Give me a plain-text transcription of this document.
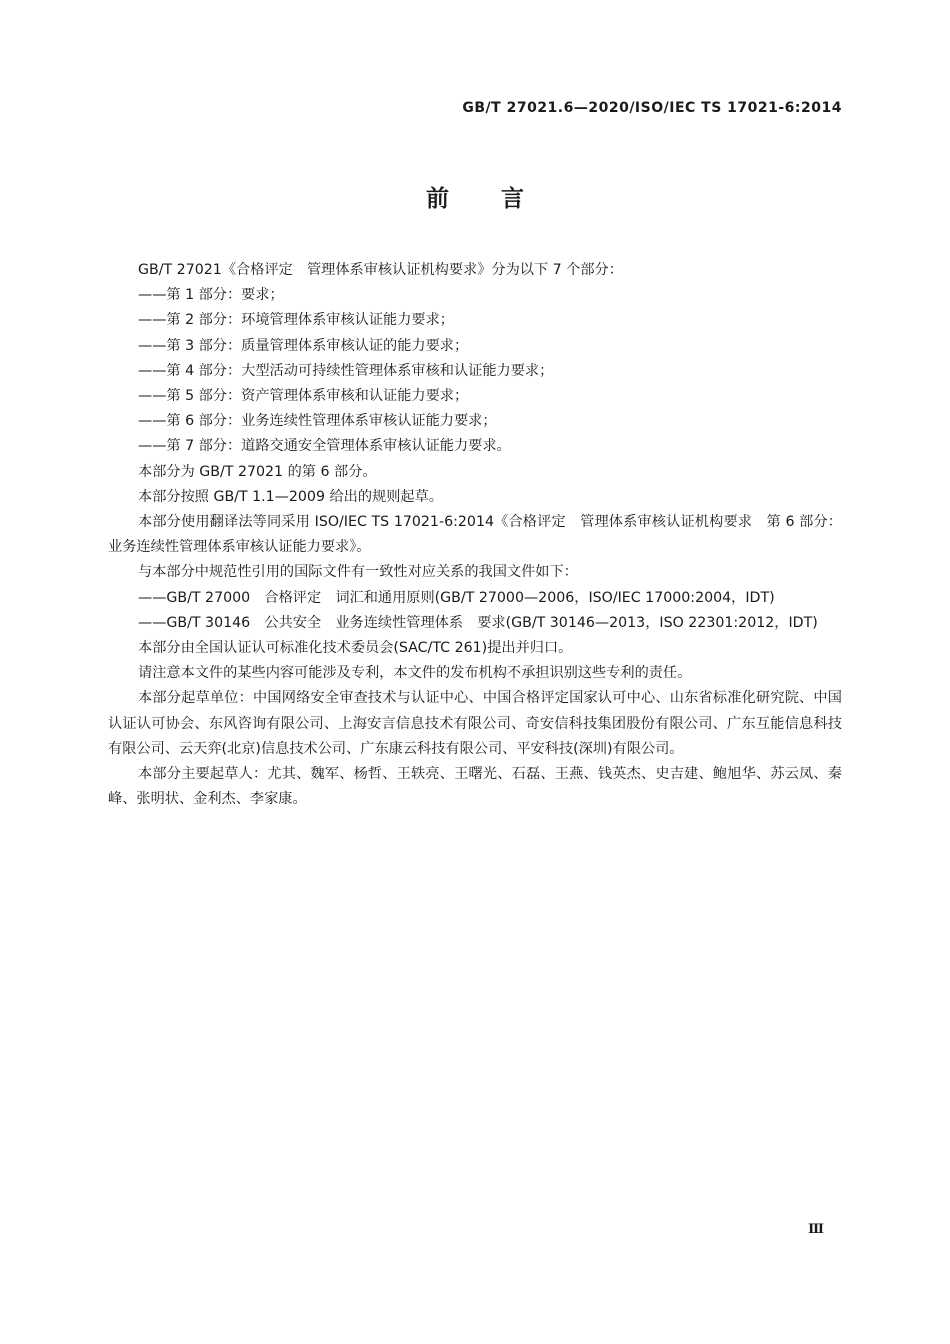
GB/T 27021.6—2020/ISO/IEC TS 17021-6:2014
前言

GB/T 27021《合格评定　管理体系审核认证机构要求》分为以下 7 个部分：

——第 1 部分：要求；

——第 2 部分：环境管理体系审核认证能力要求；

——第 3 部分：质量管理体系审核认证的能力要求；

——第 4 部分：大型活动可持续性管理体系审核和认证能力要求；

——第 5 部分：资产管理体系审核和认证能力要求；

——第 6 部分：业务连续性管理体系审核认证能力要求；

——第 7 部分：道路交通安全管理体系审核认证能力要求。

本部分为 GB/T 27021 的第 6 部分。

本部分按照 GB/T 1.1—2009 给出的规则起草。

本部分使用翻译法等同采用 ISO/IEC TS 17021-6:2014《合格评定　管理体系审核认证机构要求　第 6 部分：业务连续性管理体系审核认证能力要求》。

与本部分中规范性引用的国际文件有一致性对应关系的我国文件如下：

——GB/T 27000　合格评定　词汇和通用原则(GB/T 27000—2006，ISO/IEC 17000:2004，IDT)

——GB/T 30146　公共安全　业务连续性管理体系　要求(GB/T 30146—2013，ISO 22301:2012，IDT)

本部分由全国认证认可标准化技术委员会(SAC/TC 261)提出并归口。

请注意本文件的某些内容可能涉及专利，本文件的发布机构不承担识别这些专利的责任。

本部分起草单位：中国网络安全审查技术与认证中心、中国合格评定国家认可中心、山东省标准化研究院、中国认证认可协会、东风咨询有限公司、上海安言信息技术有限公司、奇安信科技集团股份有限公司、广东互能信息科技有限公司、云天弈(北京)信息技术公司、广东康云科技有限公司、平安科技(深圳)有限公司。

本部分主要起草人：尤其、魏军、杨哲、王轶亮、王曙光、石磊、王燕、钱英杰、史吉建、鲍旭华、苏云凤、秦峰、张明状、金利杰、李家康。

Ⅲ
